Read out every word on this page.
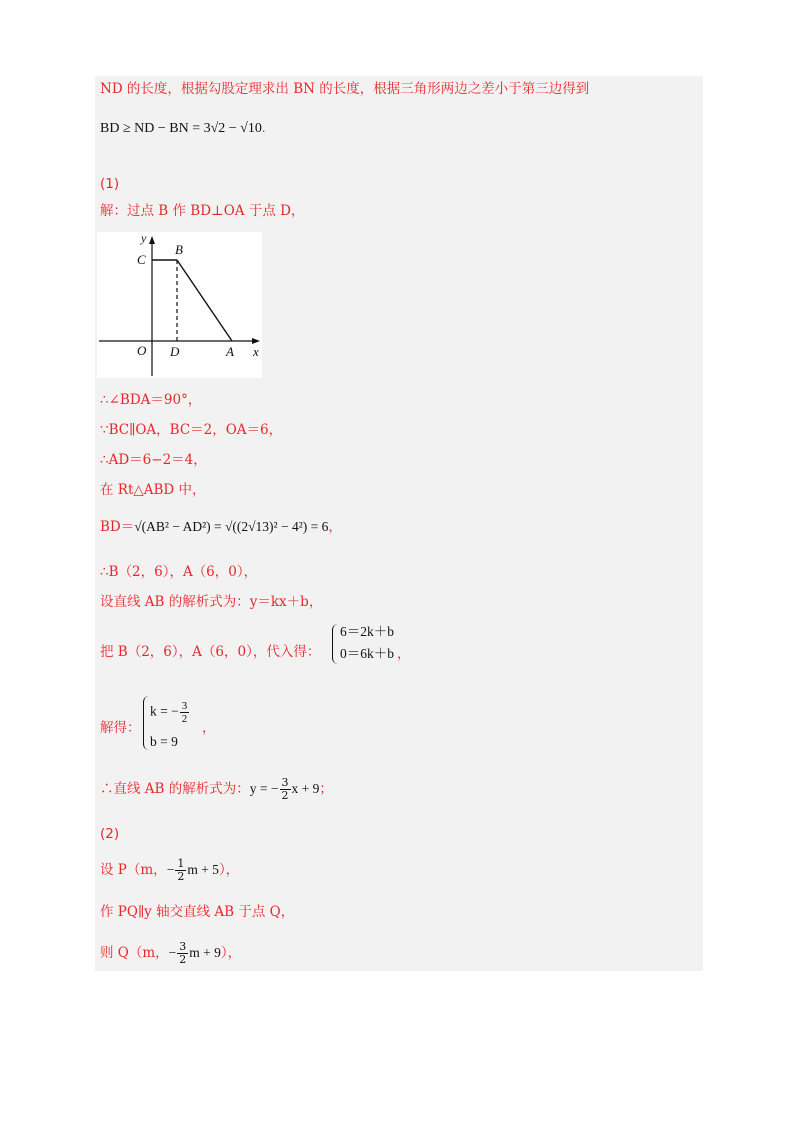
ND 的长度，根据勾股定理求出 BN 的长度，根据三角形两边之差小于第三边得到
BD ≥ ND − BN = 3√2 − √10.
(1)
解：过点 B 作 BD⊥OA 于点 D，
y
x
C
B
O D	A
∴∠BDA＝90°，
∵BC∥OA，BC＝2，OA＝6，
∴AD＝6−2＝4，
在 Rt△ABD 中，
BD＝√(AB² − AD²) = √((2√13)² − 4²) = 6，
∴B（2，6），A（6，0），
设直线 AB 的解析式为：y＝kx＋b，
把 B（2，6），A（6，0），代入得：
6＝2k＋b
0＝6k＋b ，
解得：
k = − $\frac{3}{2}$
b = 9
，
∴直线 AB 的解析式为：y = − $\frac{3}{2}$ x + 9；
(2)
设 P（m，− $\frac{1}{2}$ m + 5），
作 PQ∥y 轴交直线 AB 于点 Q，
则 Q（m，− $\frac{3}{2}$ m + 9），
